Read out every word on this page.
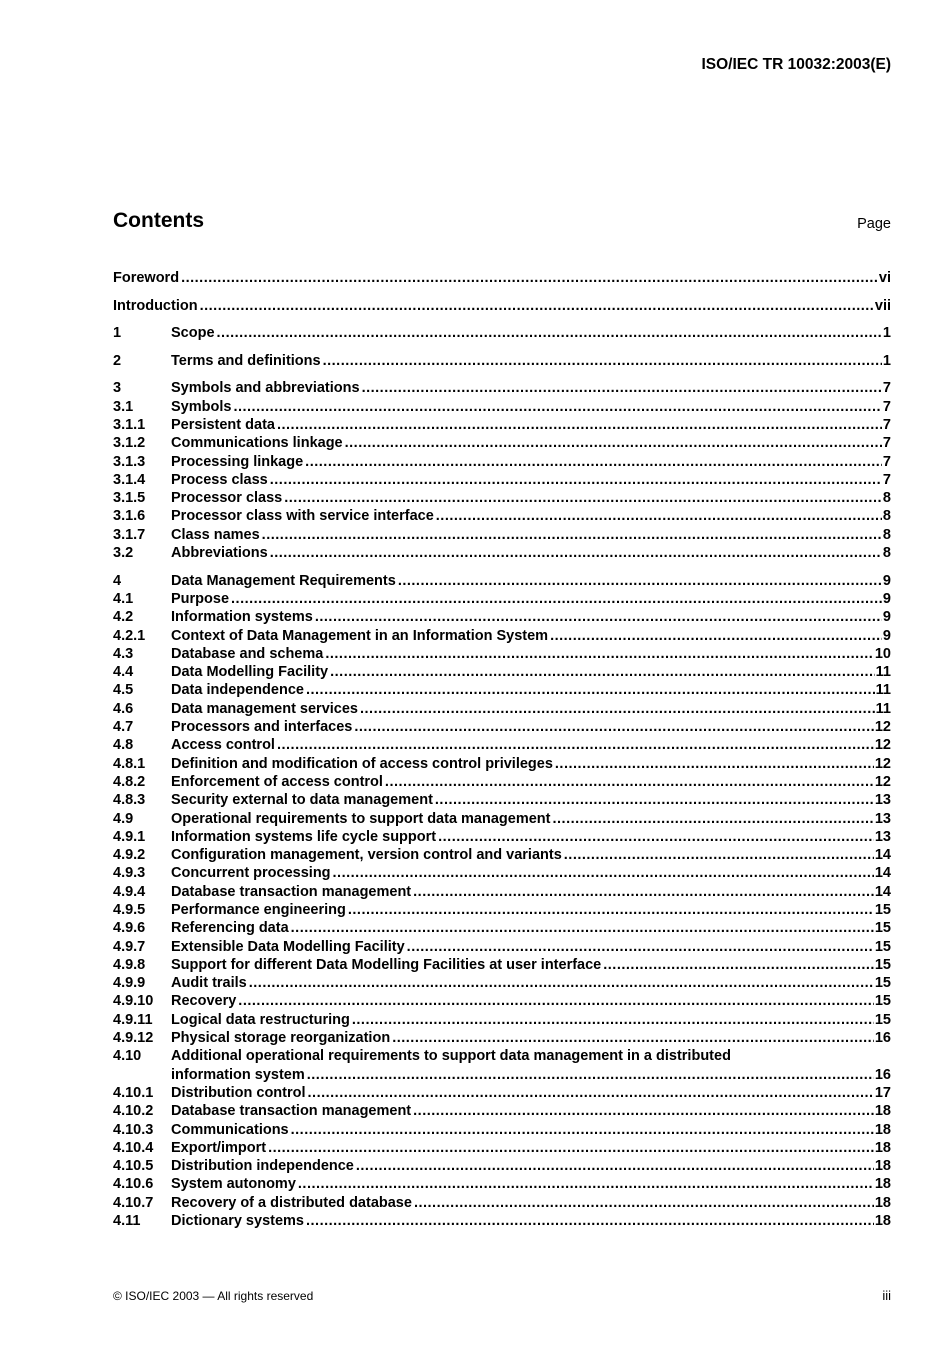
ISO/IEC TR 10032:2003(E)
Contents	Page
Foreword .....	vi
Introduction .....	vii
1	Scope .....	1
2	Terms and definitions .....	1
3	Symbols and abbreviations .....	7
3.1	Symbols .....	7
3.1.1	Persistent data .....	7
3.1.2	Communications linkage .....	7
3.1.3	Processing linkage .....	7
3.1.4	Process class .....	7
3.1.5	Processor class .....	8
3.1.6	Processor class with service interface .....	8
3.1.7	Class names .....	8
3.2	Abbreviations .....	8
4	Data Management Requirements .....	9
4.1	Purpose .....	9
4.2	Information systems .....	9
4.2.1	Context of Data Management in an Information System .....	9
4.3	Database and schema .....	10
4.4	Data Modelling Facility .....	11
4.5	Data independence .....	11
4.6	Data management services .....	11
4.7	Processors and interfaces .....	12
4.8	Access control .....	12
4.8.1	Definition and modification of access control privileges .....	12
4.8.2	Enforcement of access control .....	12
4.8.3	Security external to data management .....	13
4.9	Operational requirements to support data management .....	13
4.9.1	Information systems life cycle support .....	13
4.9.2	Configuration management, version control and variants .....	14
4.9.3	Concurrent processing .....	14
4.9.4	Database transaction management .....	14
4.9.5	Performance engineering .....	15
4.9.6	Referencing data .....	15
4.9.7	Extensible Data Modelling Facility .....	15
4.9.8	Support for different Data Modelling Facilities at user interface .....	15
4.9.9	Audit trails .....	15
4.9.10	Recovery .....	15
4.9.11	Logical data restructuring .....	15
4.9.12	Physical storage reorganization .....	16
4.10	Additional operational requirements to support data management in a distributed
information system .....	16
4.10.1	Distribution control .....	17
4.10.2	Database transaction management .....	18
4.10.3	Communications .....	18
4.10.4	Export/import .....	18
4.10.5	Distribution independence .....	18
4.10.6	System autonomy .....	18
4.10.7	Recovery of a distributed database .....	18
4.11	Dictionary systems .....	18
© ISO/IEC 2003 — All rights reserved	iii
